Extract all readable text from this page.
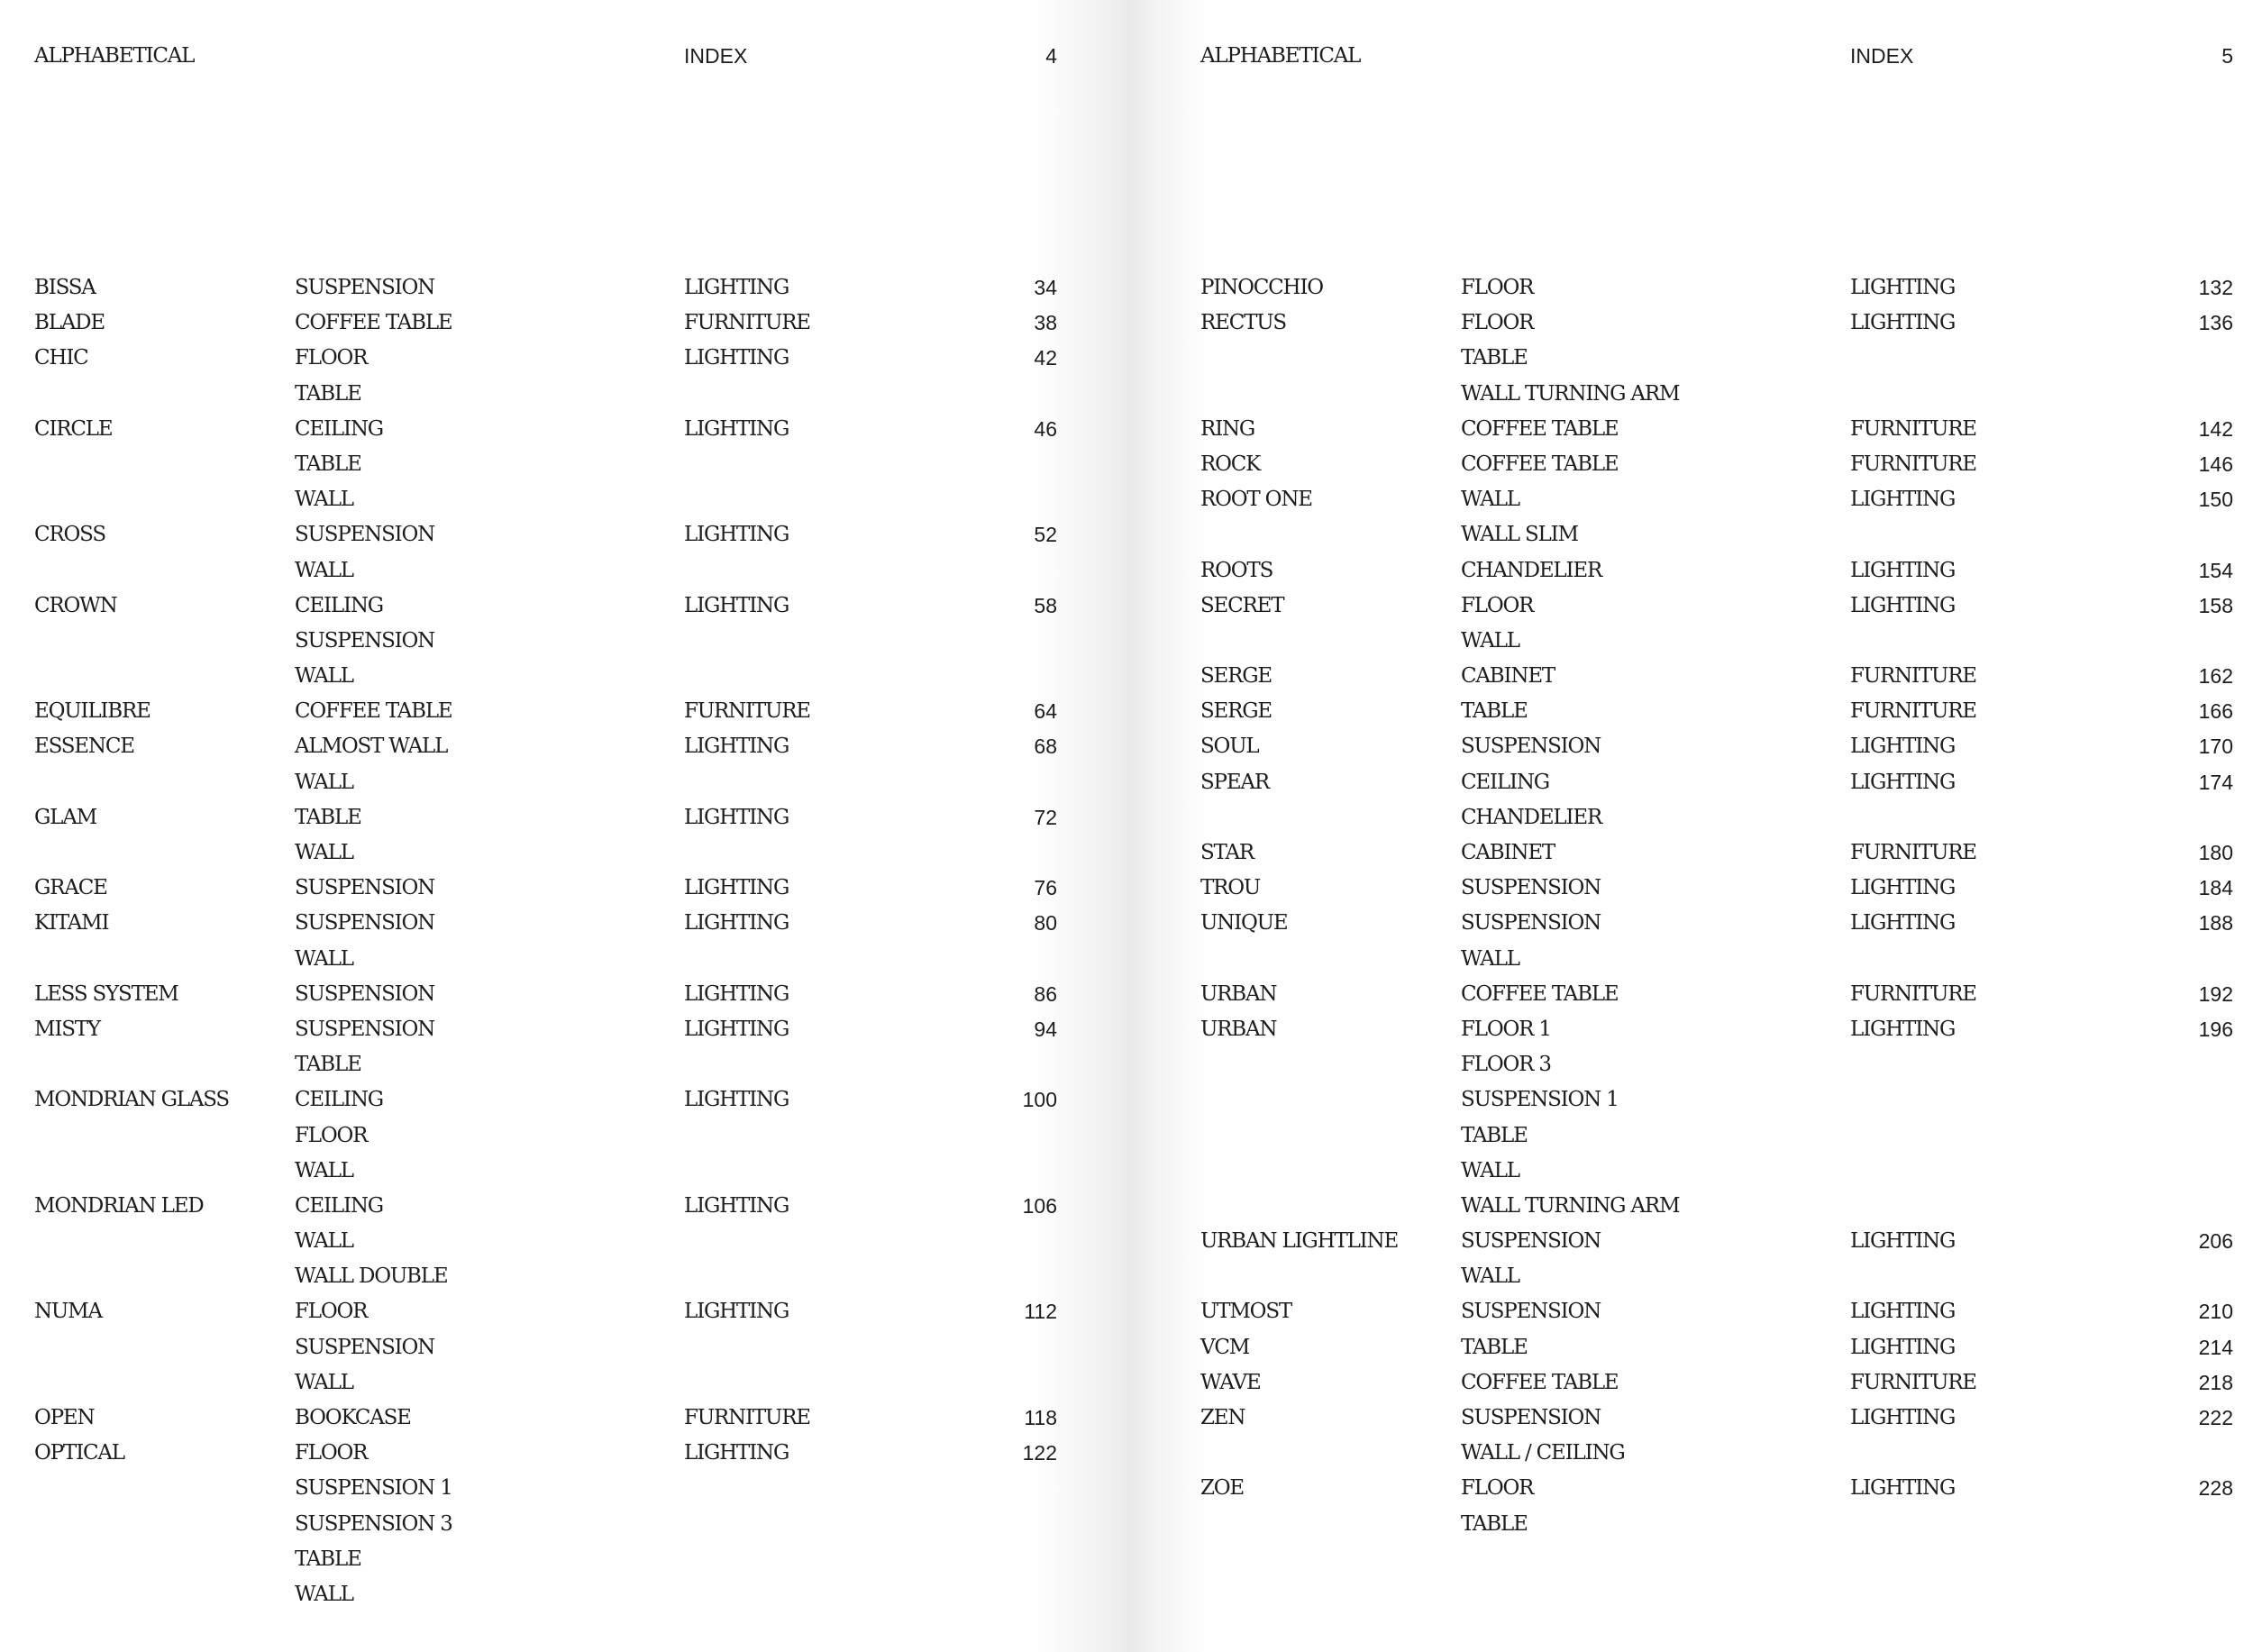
ALPHABETICAL	INDEX	4
BISSA	SUSPENSION	LIGHTING	34
BLADE	COFFEE TABLE	FURNITURE	38
CHIC	FLOOR	LIGHTING	42
TABLE
CIRCLE	CEILING	LIGHTING	46
TABLE
WALL
CROSS	SUSPENSION	LIGHTING	52
WALL
CROWN	CEILING	LIGHTING	58
SUSPENSION
WALL
EQUILIBRE	COFFEE TABLE	FURNITURE	64
ESSENCE	ALMOST WALL	LIGHTING	68
WALL
GLAM	TABLE	LIGHTING	72
WALL
GRACE	SUSPENSION	LIGHTING	76
KITAMI	SUSPENSION	LIGHTING	80
WALL
LESS SYSTEM	SUSPENSION	LIGHTING	86
MISTY	SUSPENSION	LIGHTING	94
TABLE
MONDRIAN GLASS	CEILING	LIGHTING	100
FLOOR
WALL
MONDRIAN LED	CEILING	LIGHTING	106
WALL
WALL DOUBLE
NUMA	FLOOR	LIGHTING	112
SUSPENSION
WALL
OPEN	BOOKCASE	FURNITURE	118
OPTICAL	FLOOR	LIGHTING	122
SUSPENSION 1
SUSPENSION 3
TABLE
WALL
ALPHABETICAL	INDEX	5
PINOCCHIO	FLOOR	LIGHTING	132
RECTUS	FLOOR	LIGHTING	136
TABLE
WALL TURNING ARM
RING	COFFEE TABLE	FURNITURE	142
ROCK	COFFEE TABLE	FURNITURE	146
ROOT ONE	WALL	LIGHTING	150
WALL SLIM
ROOTS	CHANDELIER	LIGHTING	154
SECRET	FLOOR	LIGHTING	158
WALL
SERGE	CABINET	FURNITURE	162
SERGE	TABLE	FURNITURE	166
SOUL	SUSPENSION	LIGHTING	170
SPEAR	CEILING	LIGHTING	174
CHANDELIER
STAR	CABINET	FURNITURE	180
TROU	SUSPENSION	LIGHTING	184
UNIQUE	SUSPENSION	LIGHTING	188
WALL
URBAN	COFFEE TABLE	FURNITURE	192
URBAN	FLOOR 1	LIGHTING	196
FLOOR 3
SUSPENSION 1
TABLE
WALL
WALL TURNING ARM
URBAN LIGHTLINE	SUSPENSION	LIGHTING	206
WALL
UTMOST	SUSPENSION	LIGHTING	210
VCM	TABLE	LIGHTING	214
WAVE	COFFEE TABLE	FURNITURE	218
ZEN	SUSPENSION	LIGHTING	222
WALL / CEILING
ZOE	FLOOR	LIGHTING	228
TABLE
